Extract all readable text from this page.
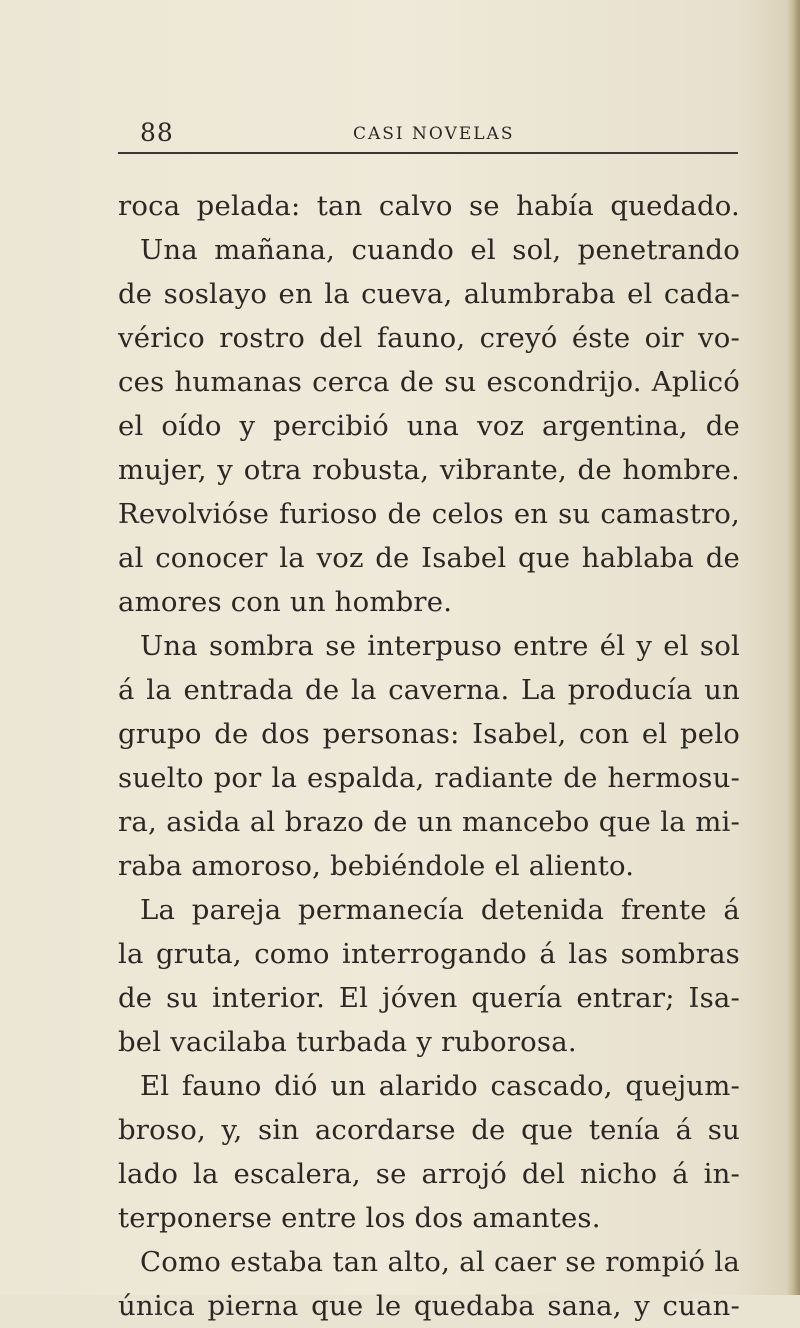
88	CASI NOVELAS
roca pelada: tan calvo se había quedado.
Una mañana, cuando el sol, penetrando
de soslayo en la cueva, alumbraba el cada-
vérico rostro del fauno, creyó éste oir vo-
ces humanas cerca de su escondrijo. Aplicó
el oído y percibió una voz argentina, de
mujer, y otra robusta, vibrante, de hombre.
Revolvióse furioso de celos en su camastro,
al conocer la voz de Isabel que hablaba de
amores con un hombre.
Una sombra se interpuso entre él y el sol
á la entrada de la caverna. La producía un
grupo de dos personas: Isabel, con el pelo
suelto por la espalda, radiante de hermosu-
ra, asida al brazo de un mancebo que la mi-
raba amoroso, bebiéndole el aliento.
La pareja permanecía detenida frente á
la gruta, como interrogando á las sombras
de su interior. El jóven quería entrar; Isa-
bel vacilaba turbada y ruborosa.
El fauno dió un alarido cascado, quejum-
broso, y, sin acordarse de que tenía á su
lado la escalera, se arrojó del nicho á in-
terponerse entre los dos amantes.
Como estaba tan alto, al caer se rompió la
única pierna que le quedaba sana, y cuan-
